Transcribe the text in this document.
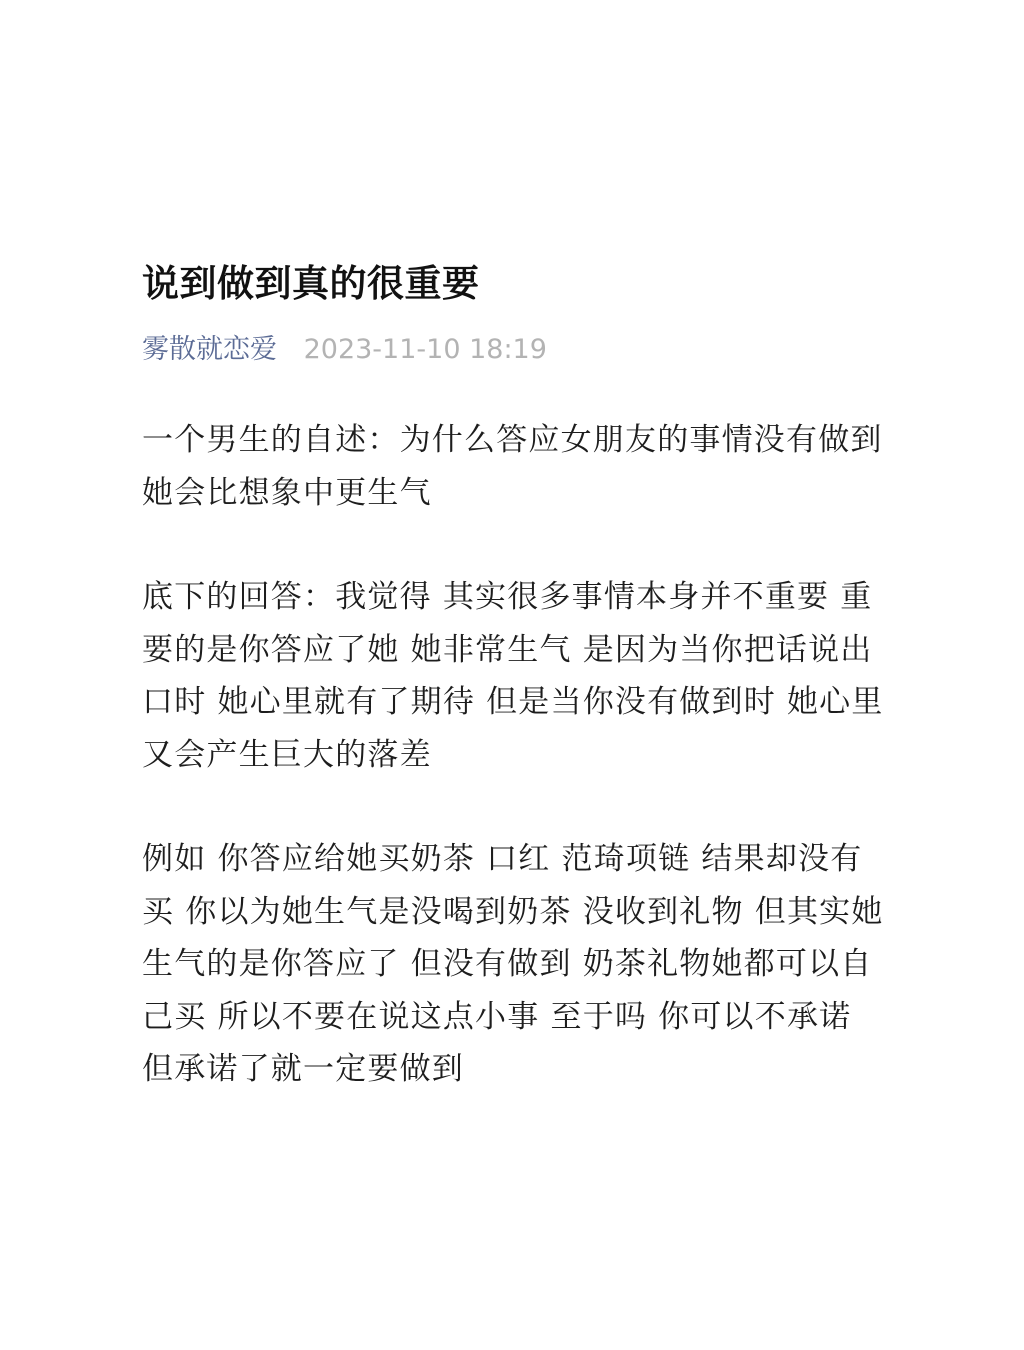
说到做到真的很重要
雾散就恋爱 2023-11-10 18:19

一个男生的自述：为什么答应女朋友的事情没有做到 她会比想象中更生气

底下的回答：我觉得 其实很多事情本身并不重要 重要的是你答应了她 她非常生气 是因为当你把话说出口时 她心里就有了期待 但是当你没有做到时 她心里又会产生巨大的落差

例如 你答应给她买奶茶 口红 范琦项链 结果却没有买 你以为她生气是没喝到奶茶 没收到礼物 但其实她生气的是你答应了 但没有做到 奶茶礼物她都可以自己买 所以不要在说这点小事 至于吗 你可以不承诺 但承诺了就一定要做到
